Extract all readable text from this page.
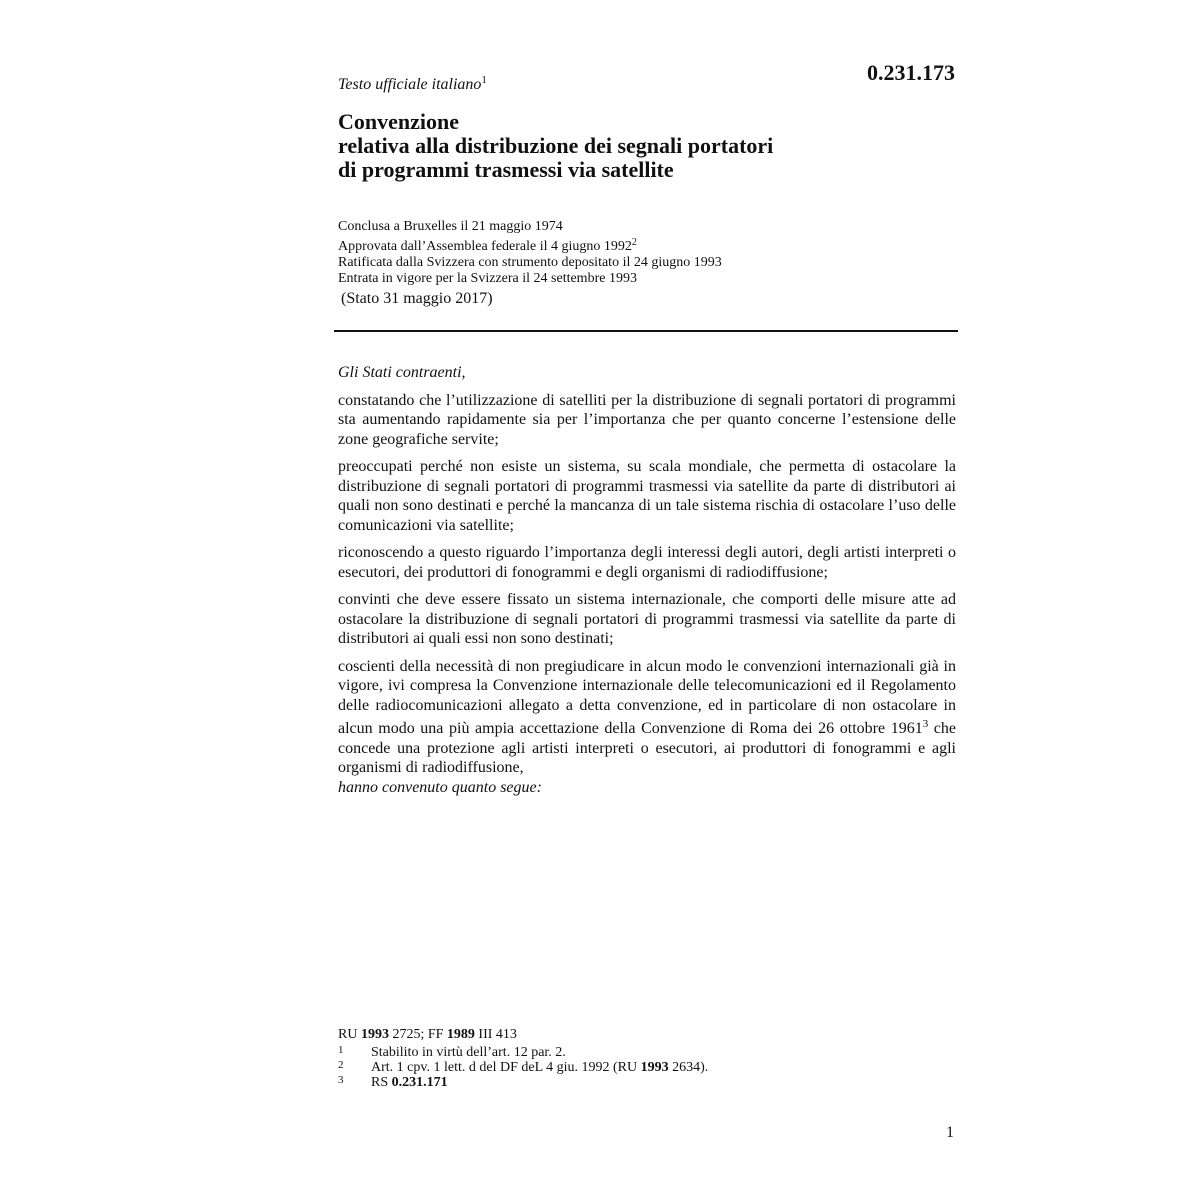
Testo ufficiale italiano$^1$	0.231.173
Convenzione
relativa alla distribuzione dei segnali portatori
di programmi trasmessi via satellite
Conclusa a Bruxelles il 21 maggio 1974
Approvata dall’Assemblea federale il 4 giugno 1992$^2$
Ratificata dalla Svizzera con strumento depositato il 24 giugno 1993
Entrata in vigore per la Svizzera il 24 settembre 1993
(Stato 31 maggio 2017)

Gli Stati contraenti,

constatando che l’utilizzazione di satelliti per la distribuzione di segnali portatori di programmi sta aumentando rapidamente sia per l’importanza che per quanto concerne l’estensione delle zone geografiche servite;

preoccupati perché non esiste un sistema, su scala mondiale, che permetta di ostacolare la distribuzione di segnali portatori di programmi trasmessi via satellite da parte di distributori ai quali non sono destinati e perché la mancanza di un tale sistema rischia di ostacolare l’uso delle comunicazioni via satellite;

riconoscendo a questo riguardo l’importanza degli interessi degli autori, degli artisti interpreti o esecutori, dei produttori di fonogrammi e degli organismi di radiodiffusione;

convinti che deve essere fissato un sistema internazionale, che comporti delle misure atte ad ostacolare la distribuzione di segnali portatori di programmi trasmessi via satellite da parte di distributori ai quali essi non sono destinati;

coscienti della necessità di non pregiudicare in alcun modo le convenzioni internazionali già in vigore, ivi compresa la Convenzione internazionale delle telecomunicazioni ed il Regolamento delle radiocomunicazioni allegato a detta convenzione, ed in particolare di non ostacolare in alcun modo una più ampia accettazione della Convenzione di Roma dei 26 ottobre 1961$^3$ che concede una protezione agli artisti interpreti o esecutori, ai produttori di fonogrammi e agli organismi di radiodiffusione,

hanno convenuto quanto segue:

RU 1993 2725; FF 1989 III 413
1 Stabilito in virtù dell’art. 12 par. 2.
2 Art. 1 cpv. 1 lett. d del DF deL 4 giu. 1992 (RU 1993 2634).
3 RS 0.231.171
1
